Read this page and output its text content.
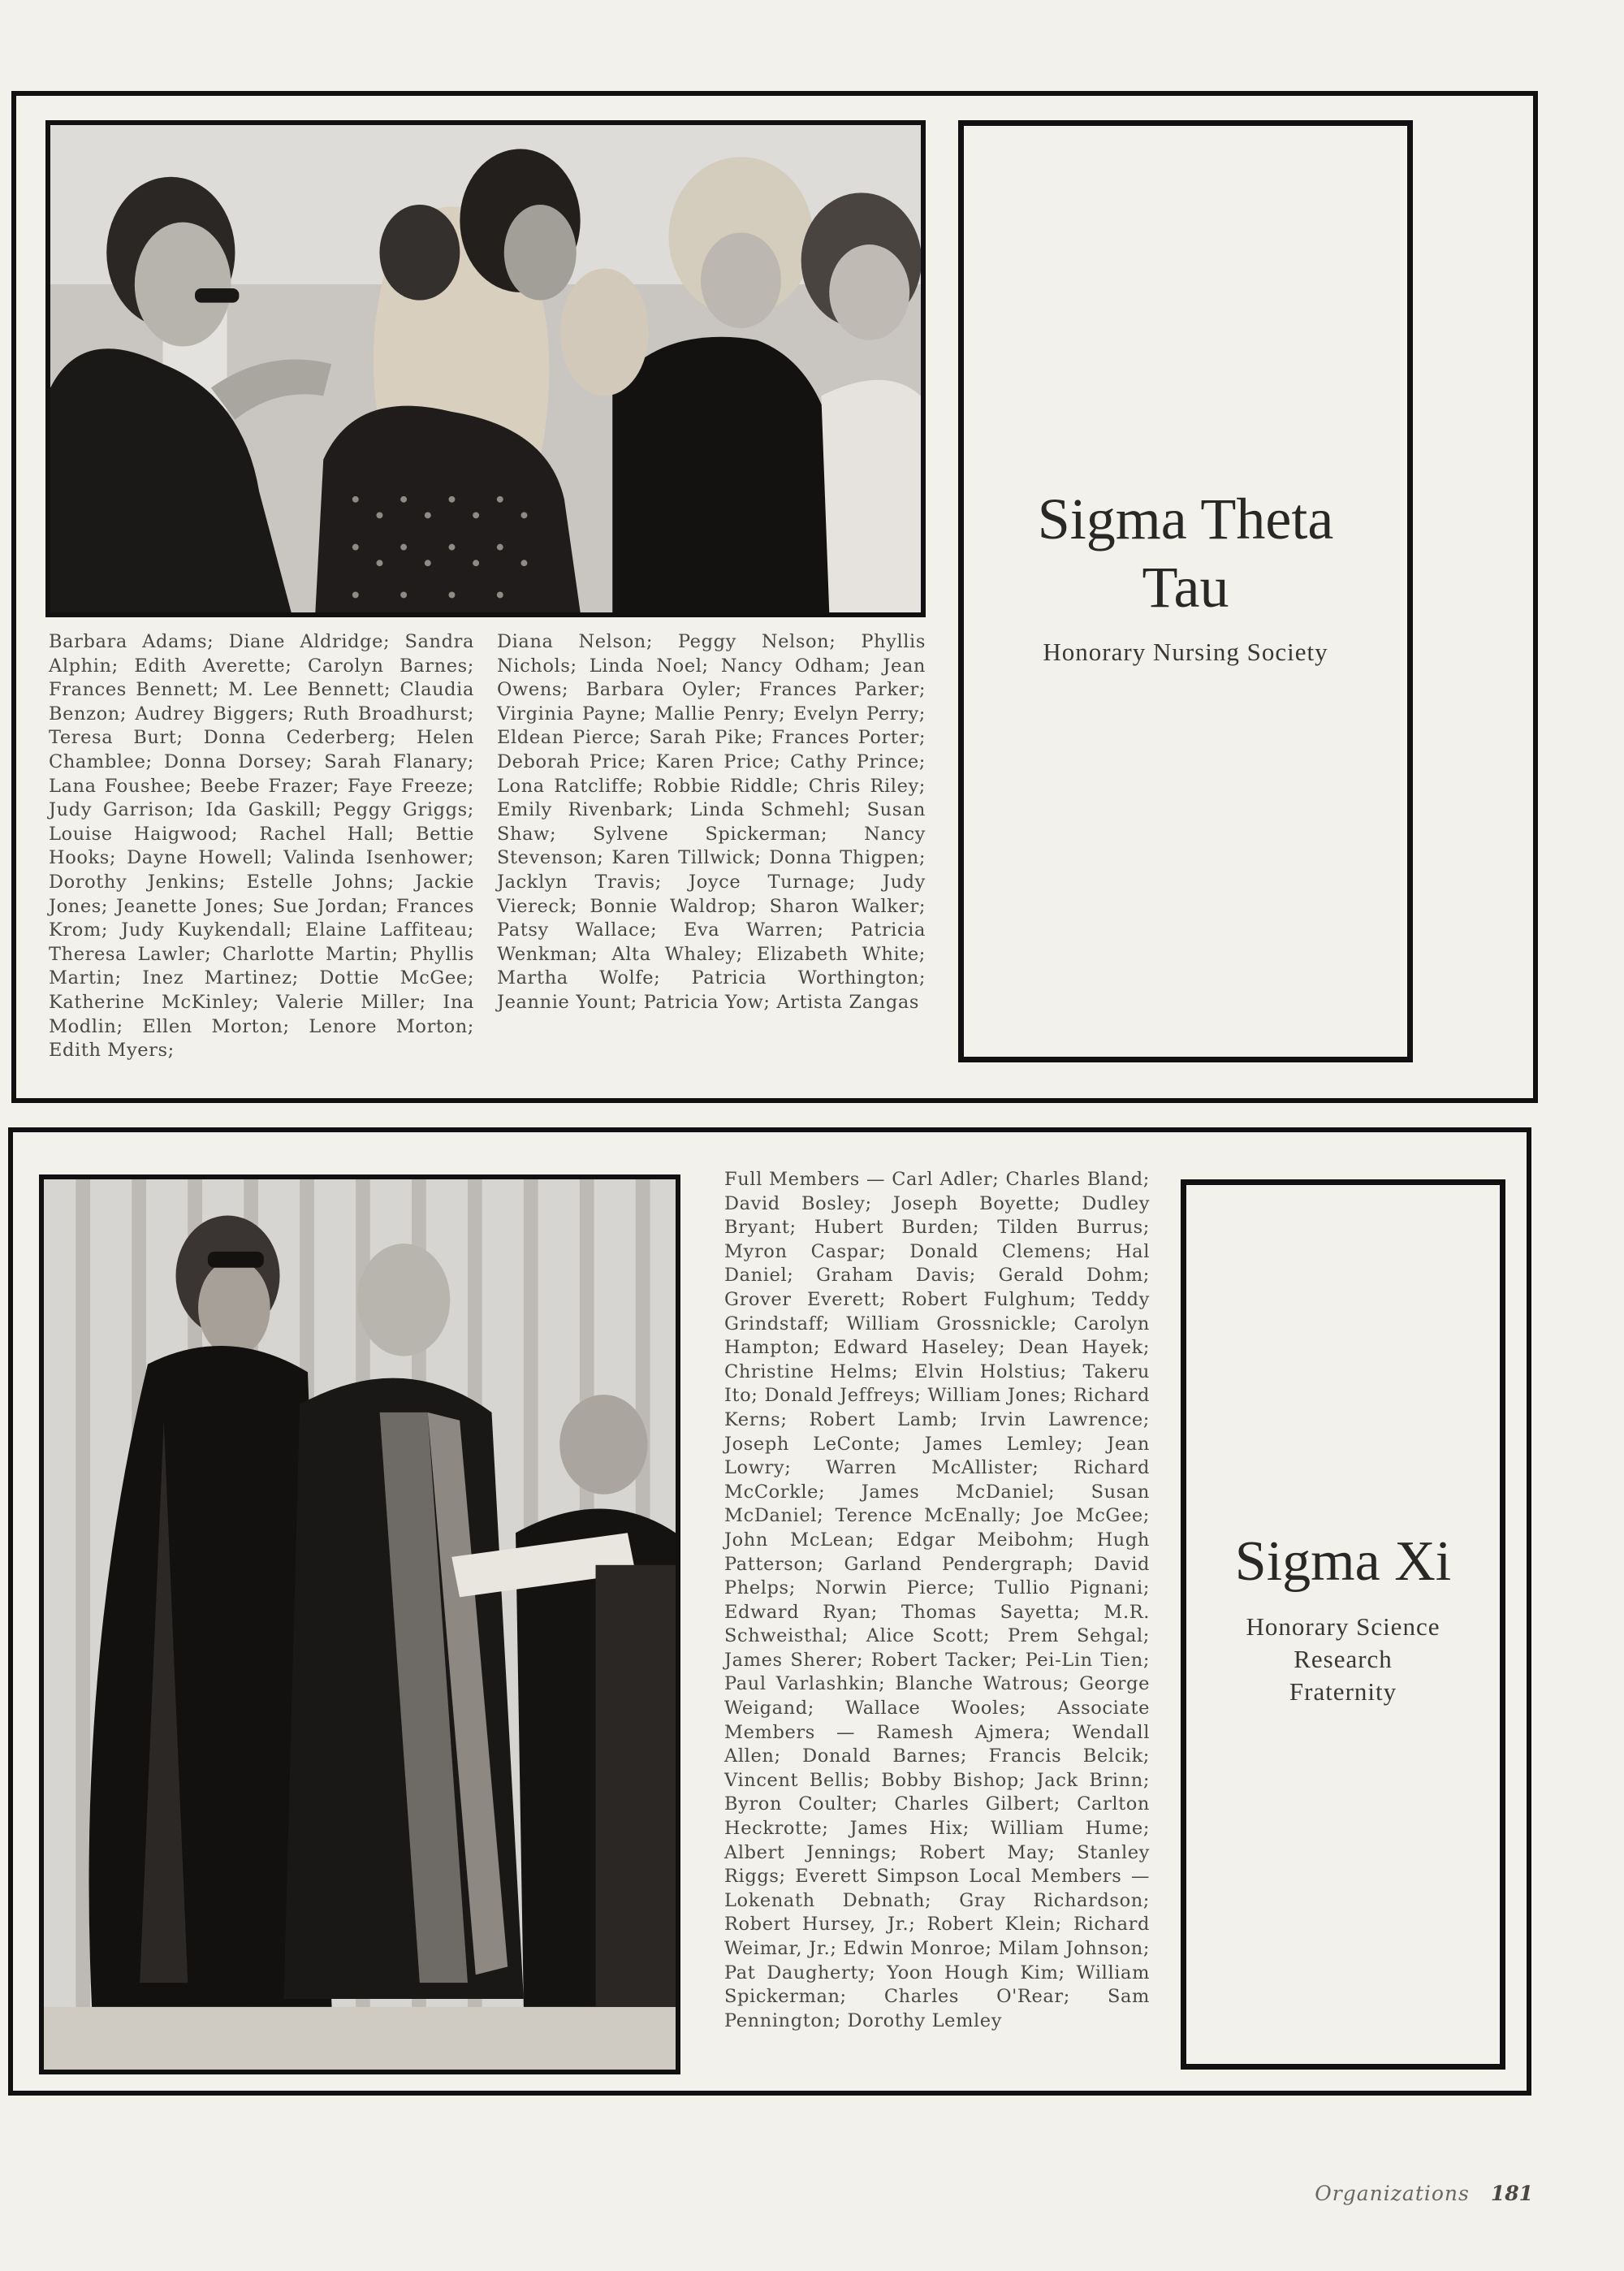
Barbara Adams; Diane Aldridge; Sandra Alphin; Edith Averette; Carolyn Barnes; Frances Bennett; M. Lee Bennett; Claudia Benzon; Audrey Biggers; Ruth Broadhurst; Teresa Burt; Donna Cederberg; Helen Chamblee; Donna Dorsey; Sarah Flanary; Lana Foushee; Beebe Frazer; Faye Freeze; Judy Garrison; Ida Gaskill; Peggy Griggs; Louise Haigwood; Rachel Hall; Bettie Hooks; Dayne Howell; Valinda Isenhower; Dorothy Jenkins; Estelle Johns; Jackie Jones; Jeanette Jones; Sue Jordan; Frances Krom; Judy Kuykendall; Elaine Laffiteau; Theresa Lawler; Charlotte Martin; Phyllis Martin; Inez Martinez; Dottie McGee; Katherine McKinley; Valerie Miller; Ina Modlin; Ellen Morton; Lenore Morton; Edith Myers;

Diana Nelson; Peggy Nelson; Phyllis Nichols; Linda Noel; Nancy Odham; Jean Owens; Barbara Oyler; Frances Parker; Virginia Payne; Mallie Penry; Evelyn Perry; Eldean Pierce; Sarah Pike; Frances Porter; Deborah Price; Karen Price; Cathy Prince; Lona Ratcliffe; Robbie Riddle; Chris Riley; Emily Rivenbark; Linda Schmehl; Susan Shaw; Sylvene Spickerman; Nancy Stevenson; Karen Tillwick; Donna Thigpen; Jacklyn Travis; Joyce Turnage; Judy Viereck; Bonnie Waldrop; Sharon Walker; Patsy Wallace; Eva Warren; Patricia Wenkman; Alta Whaley; Elizabeth White; Martha Wolfe; Patricia Worthington; Jeannie Yount; Patricia Yow; Artista Zangas

Sigma Theta
Tau
Honorary Nursing Society

Full Members — Carl Adler; Charles Bland; David Bosley; Joseph Boyette; Dudley Bryant; Hubert Burden; Tilden Burrus; Myron Caspar; Donald Clemens; Hal Daniel; Graham Davis; Gerald Dohm; Grover Everett; Robert Fulghum; Teddy Grindstaff; William Grossnickle; Carolyn Hampton; Edward Haseley; Dean Hayek; Christine Helms; Elvin Holstius; Takeru Ito; Donald Jeffreys; William Jones; Richard Kerns; Robert Lamb; Irvin Lawrence; Joseph LeConte; James Lemley; Jean Lowry; Warren McAllister; Richard McCorkle; James McDaniel; Susan McDaniel; Terence McEnally; Joe McGee; John McLean; Edgar Meibohm; Hugh Patterson; Garland Pendergraph; David Phelps; Norwin Pierce; Tullio Pignani; Edward Ryan; Thomas Sayetta; M.R. Schweisthal; Alice Scott; Prem Sehgal; James Sherer; Robert Tacker; Pei-Lin Tien; Paul Varlashkin; Blanche Watrous; George Weigand; Wallace Wooles; Associate Members — Ramesh Ajmera; Wendall Allen; Donald Barnes; Francis Belcik; Vincent Bellis; Bobby Bishop; Jack Brinn; Byron Coulter; Charles Gilbert; Carlton Heckrotte; James Hix; William Hume; Albert Jennings; Robert May; Stanley Riggs; Everett Simpson Local Members — Lokenath Debnath; Gray Richardson; Robert Hursey, Jr.; Robert Klein; Richard Weimar, Jr.; Edwin Monroe; Milam Johnson; Pat Daugherty; Yoon Hough Kim; William Spickerman; Charles O'Rear; Sam Pennington; Dorothy Lemley

Sigma Xi
Honorary Science
Research
Fraternity
Organizations 181
